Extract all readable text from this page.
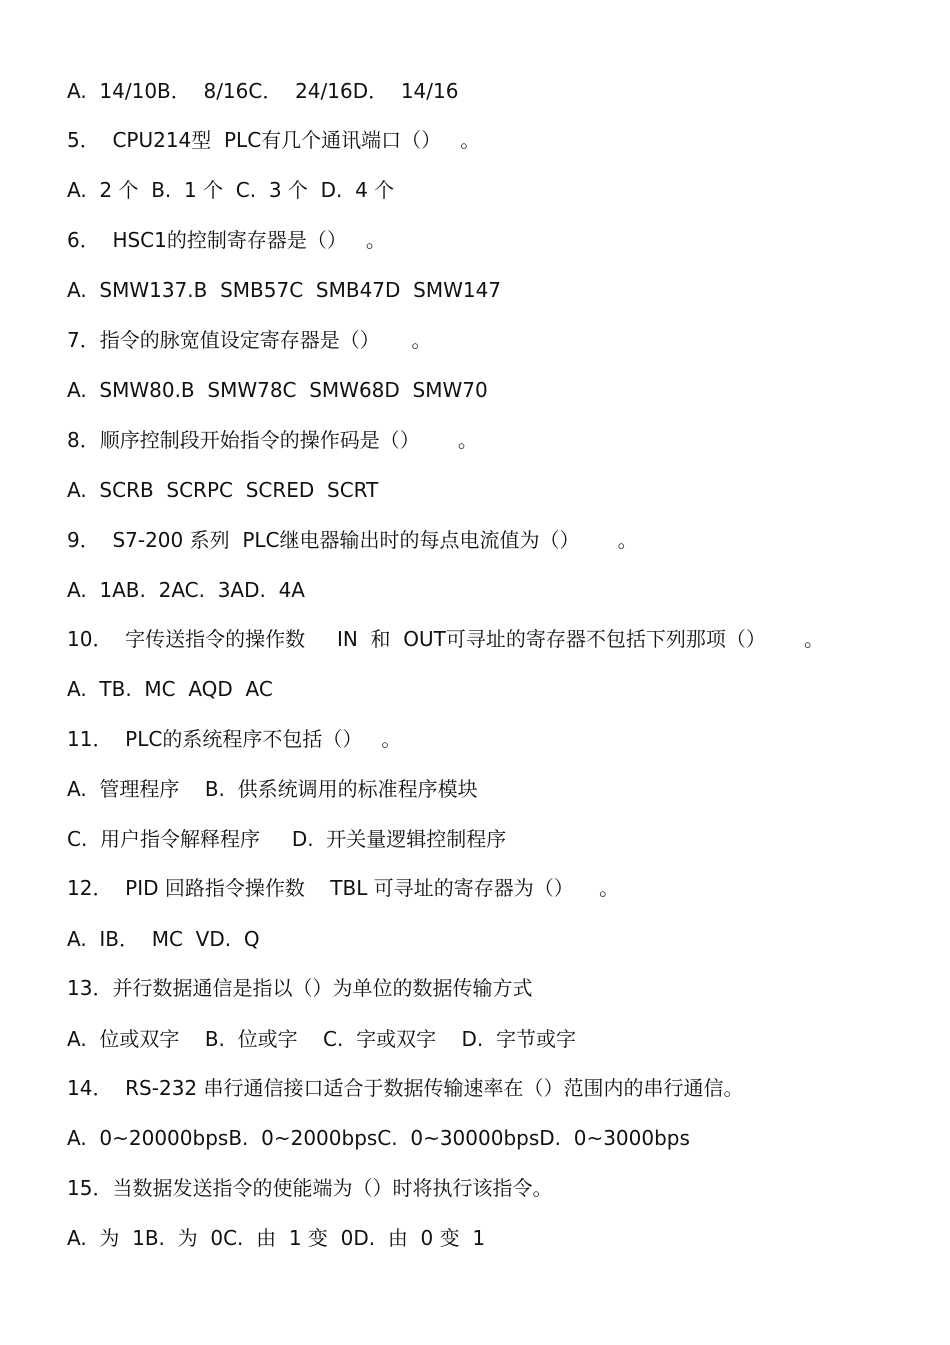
A.  14/10B．  8/16C．  24/16D．  14/16
5．  CPU214型  PLC有几个通讯端口（）   。
A.  2 个  B.  1 个  C.  3 个  D.  4 个
6．  HSC1的控制寄存器是（）   。
A.  SMW137.B  SMB57C  SMB47D  SMW147
7．指令的脉宽值设定寄存器是（）     。
A.  SMW80.B  SMW78C  SMW68D  SMW70
8．顺序控制段开始指令的操作码是（）      。
A.  SCRB  SCRPC  SCRED  SCRT
9．  S7-200 系列  PLC继电器输出时的每点电流值为（）      。
A.  1AB.  2AC.  3AD.  4A
10．  字传送指令的操作数     IN  和  OUT可寻址的寄存器不包括下列那项（）      。
A.  TB.  MC  AQD  AC
11．  PLC的系统程序不包括（）   。
A.  管理程序    B.  供系统调用的标准程序模块
C.  用户指令解释程序     D.  开关量逻辑控制程序
12．  PID 回路指令操作数    TBL 可寻址的寄存器为（）    。
A.  IB．  MC  VD.  Q
13．并行数据通信是指以（）为单位的数据传输方式
A.  位或双字    B.  位或字    C.  字或双字    D.  字节或字
14．  RS-232 串行通信接口适合于数据传输速率在（）范围内的串行通信。
A.  0~20000bpsB.  0~2000bpsC.  0~30000bpsD.  0~3000bps
15．当数据发送指令的使能端为（）时将执行该指令。
A.  为  1B.  为  0C.  由  1 变  0D.  由  0 变  1
